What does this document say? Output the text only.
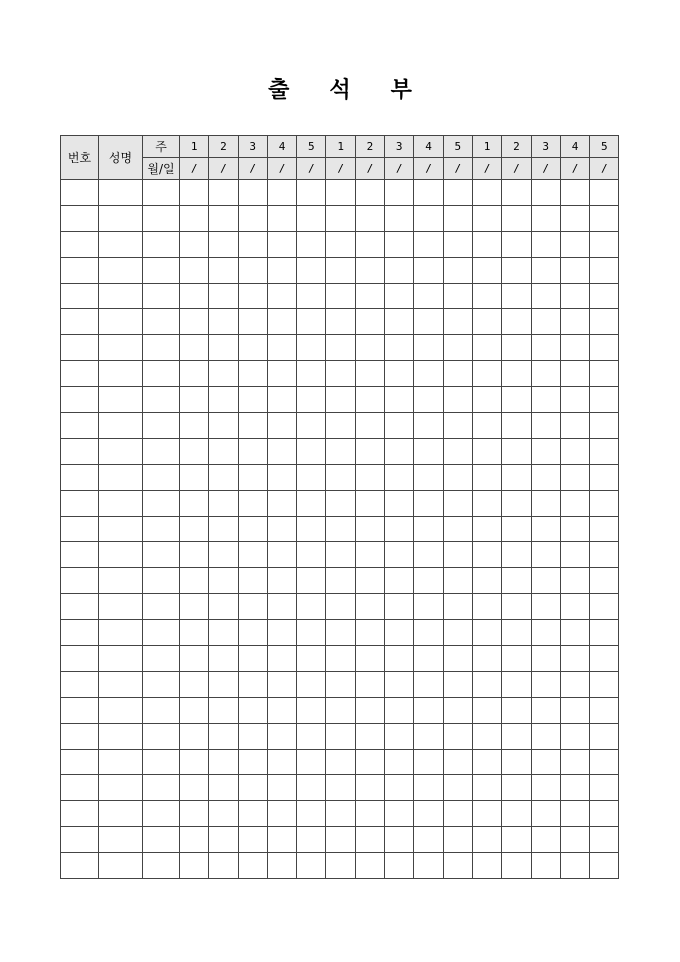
출 석 부
번호	성명	주	1	2	3	4	5	1	2	3	4	5	1	2	3	4	5
		월/일	/	/	/	/	/	/	/	/	/	/	/	/	/	/	/
